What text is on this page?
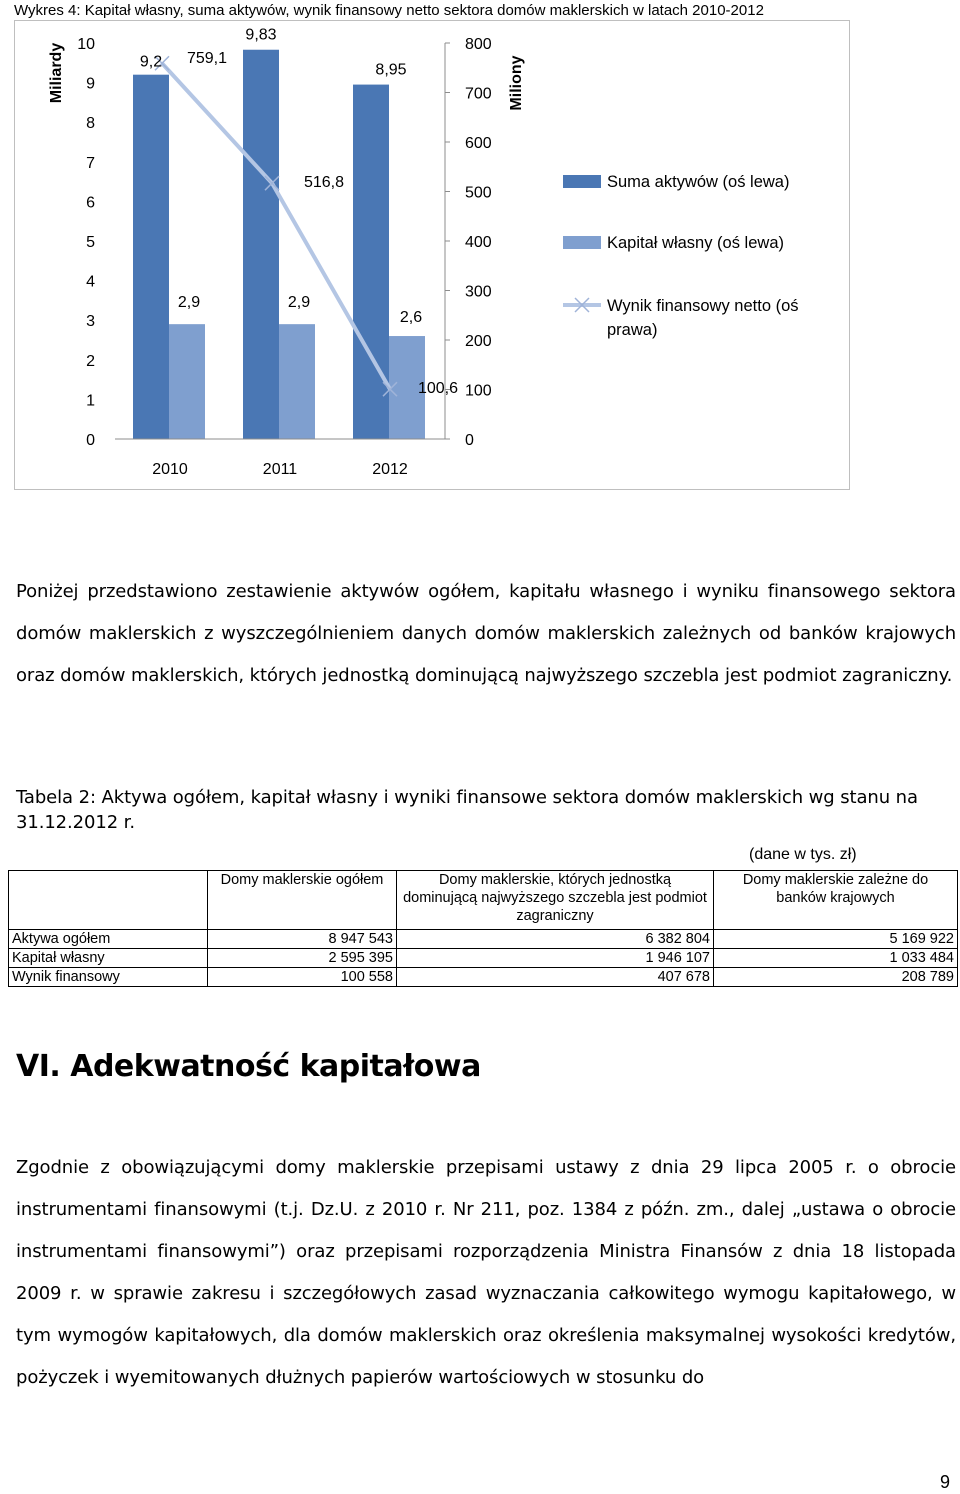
Wykres 4: Kapitał własny, suma aktywów, wynik finansowy netto sektora domów maklerskich w latach 2010-2012
Miliardy
0
1
2
3
4
5
6
7
8
9
10
0
100
200
300
400
500
600
700
800
Miliony
9,2
9,83
8,95
2,9	2,9
2,6
759,1
516,8
100,6
2010	2011	2012
Suma aktywów (oś lewa)
Kapitał własny (oś lewa)
Wynik finansowy netto (oś
prawa)

Poniżej przedstawiono zestawienie aktywów ogółem, kapitału własnego i wyniku finansowego sektora domów maklerskich z wyszczególnieniem danych domów maklerskich zależnych od banków krajowych oraz domów maklerskich, których jednostką dominującą najwyższego szczebla jest podmiot zagraniczny.

Tabela 2: Aktywa ogółem, kapitał własny i wyniki finansowe sektora domów maklerskich wg stanu na 31.12.2012 r.
(dane w tys. zł)
	Domy maklerskie ogółem	Domy maklerskie, których jednostką dominującą najwyższego szczebla jest podmiot zagraniczny	Domy maklerskie zależne do banków krajowych
Aktywa ogółem	8 947 543	6 382 804	5 169 922
Kapitał własny	2 595 395	1 946 107	1 033 484
Wynik finansowy	100 558	407 678	208 789
VI. Adekwatność kapitałowa

Zgodnie z obowiązującymi domy maklerskie przepisami ustawy z dnia 29 lipca 2005 r. o obrocie instrumentami finansowymi (t.j. Dz.U. z 2010 r. Nr 211, poz. 1384 z późn. zm., dalej „ustawa o obrocie instrumentami finansowymi”) oraz przepisami rozporządzenia Ministra Finansów z dnia 18 listopada 2009 r. w sprawie zakresu i szczegółowych zasad wyznaczania całkowitego wymogu kapitałowego, w tym wymogów kapitałowych, dla domów maklerskich oraz określenia maksymalnej wysokości kredytów, pożyczek i wyemitowanych dłużnych papierów wartościowych w stosunku do

9
